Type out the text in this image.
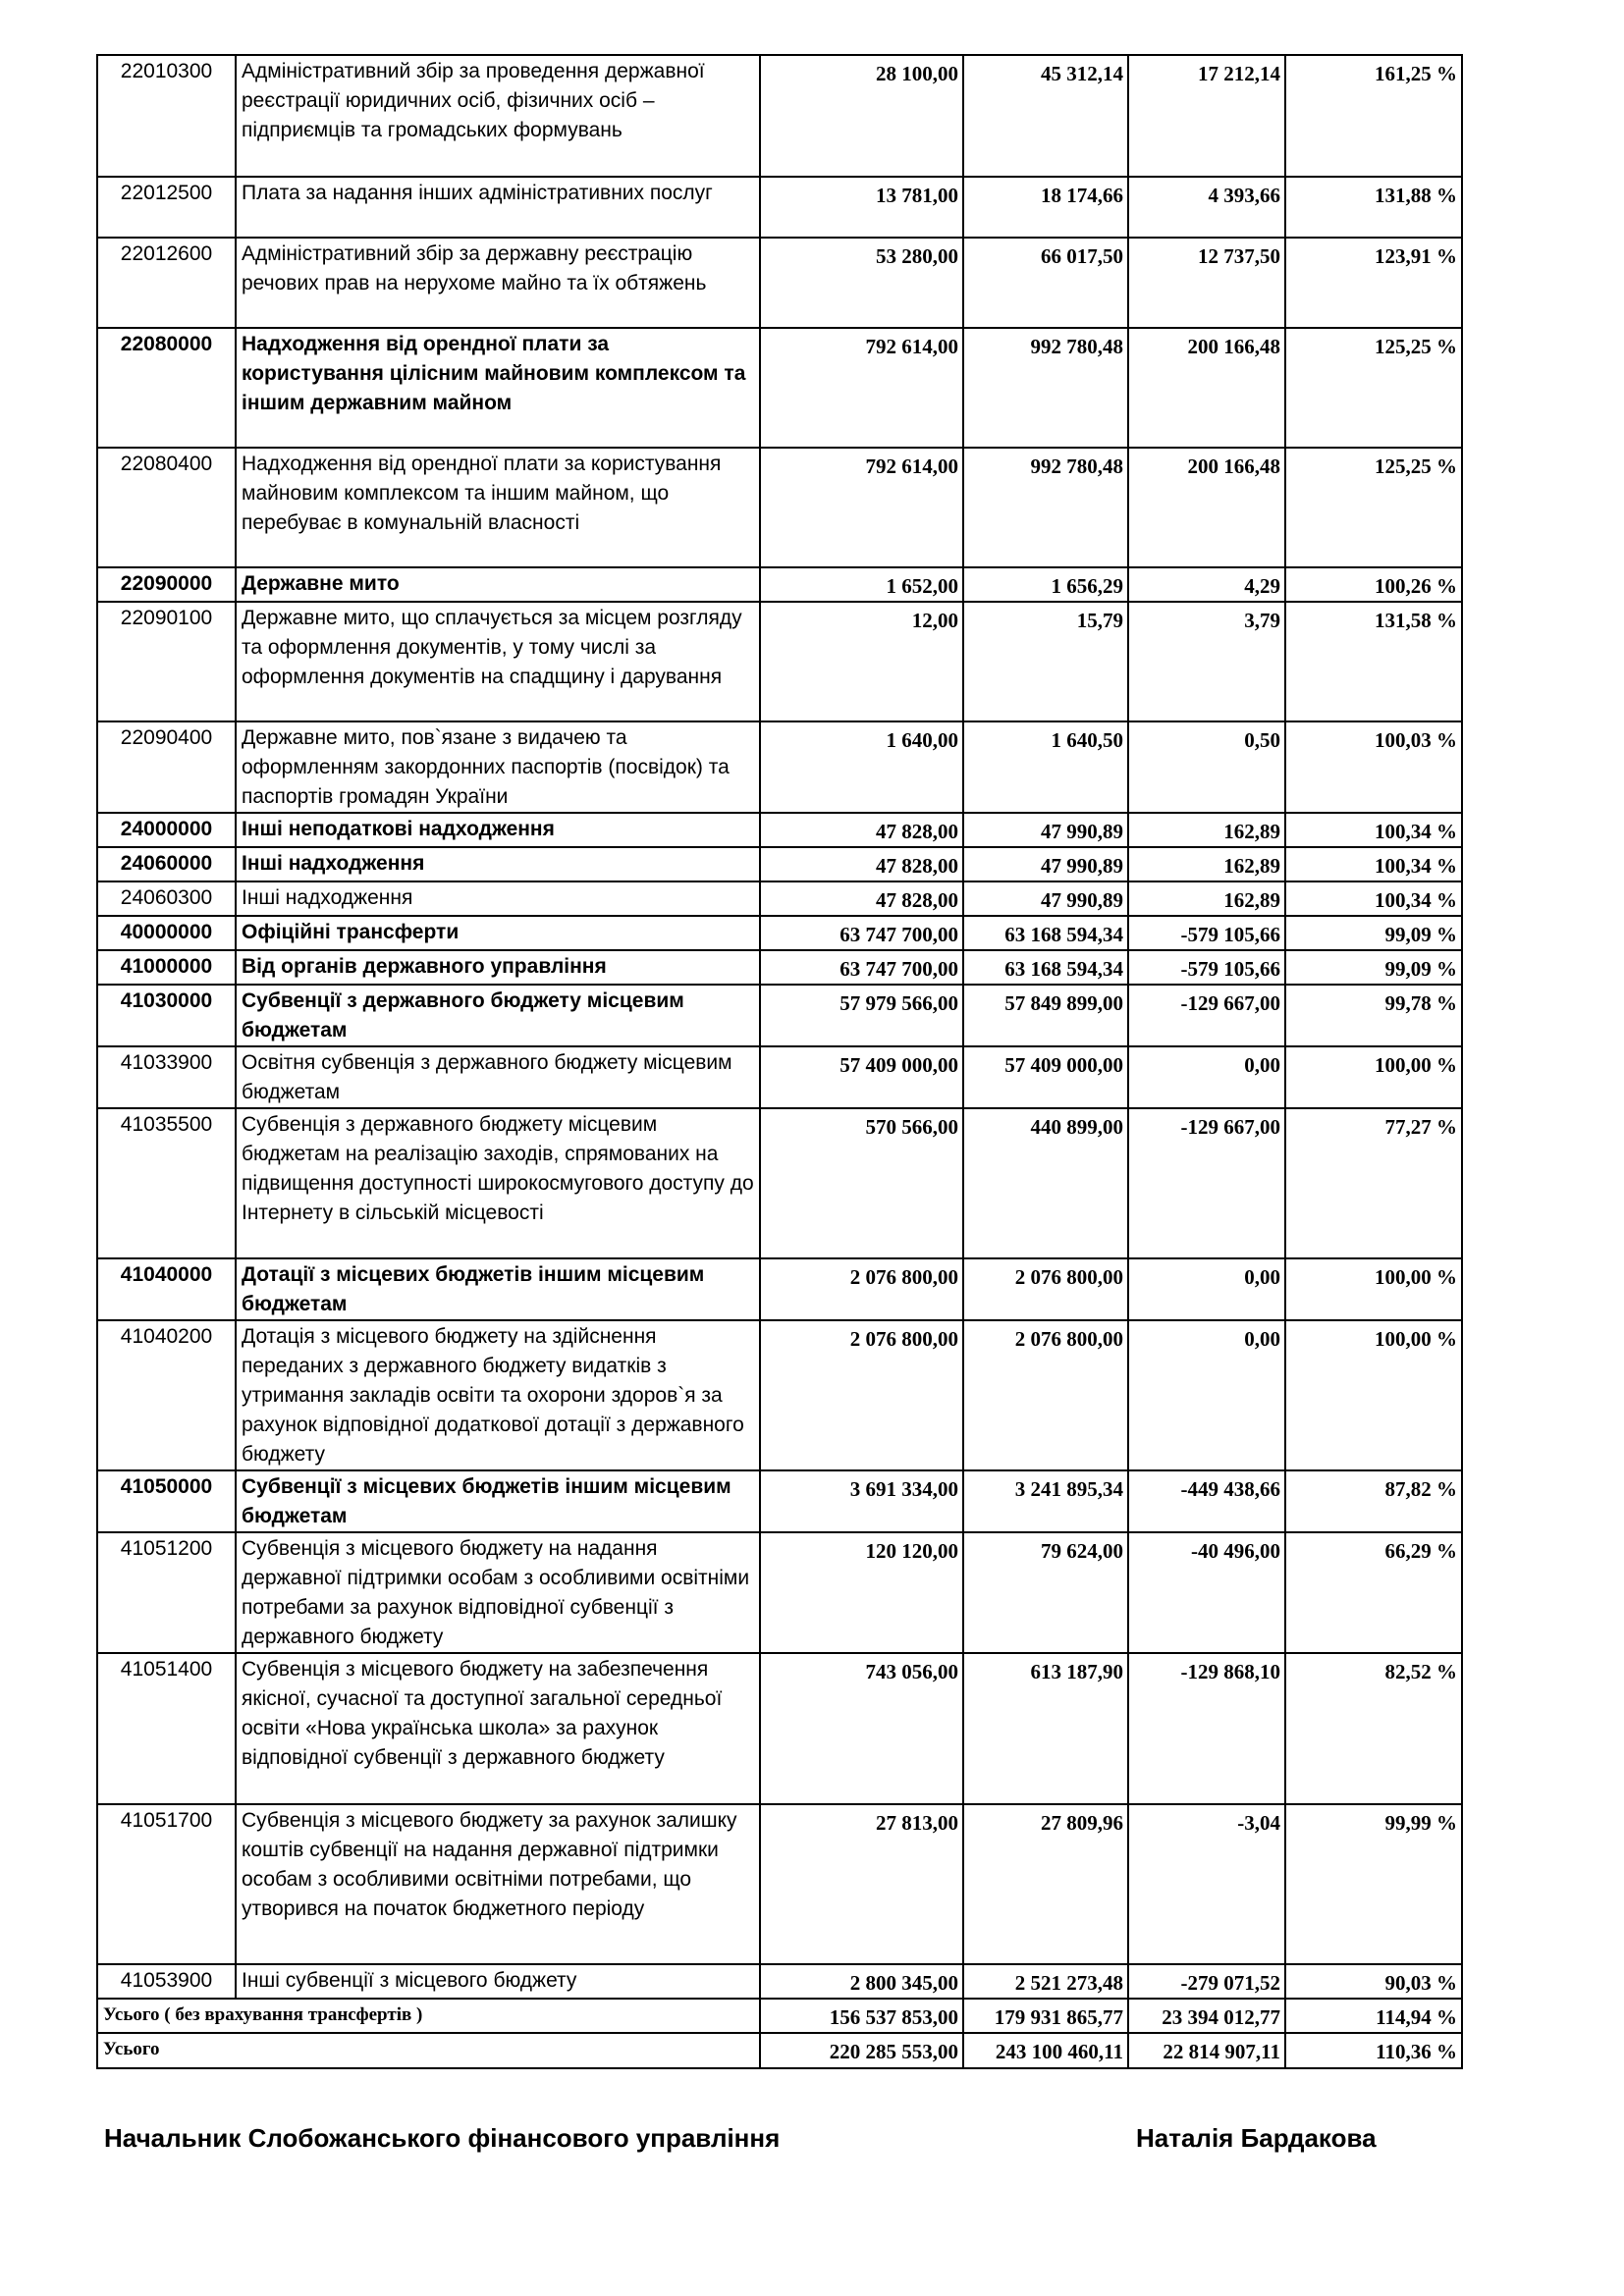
22010300	Адміністративний збір за проведення державної реєстрації юридичних осіб, фізичних осіб – підприємців та громадських формувань	28 100,00	45 312,14	17 212,14	161,25 %
22012500	Плата за надання інших адміністративних послуг	13 781,00	18 174,66	4 393,66	131,88 %
22012600	Адміністративний збір за державну реєстрацію речових прав на нерухоме майно та їх обтяжень	53 280,00	66 017,50	12 737,50	123,91 %
22080000	Надходження від орендної плати за користування цілісним майновим комплексом та іншим державним майном	792 614,00	992 780,48	200 166,48	125,25 %
22080400	Надходження від орендної плати за користування майновим комплексом та іншим майном, що перебуває в комунальній власності	792 614,00	992 780,48	200 166,48	125,25 %
22090000	Державне мито	1 652,00	1 656,29	4,29	100,26 %
22090100	Державне мито, що сплачується за місцем розгляду та оформлення документів, у тому числі за оформлення документів на спадщину і дарування	12,00	15,79	3,79	131,58 %
22090400	Державне мито, пов`язане з видачею та оформленням закордонних паспортів (посвідок) та паспортів громадян України	1 640,00	1 640,50	0,50	100,03 %
24000000	Інші неподаткові надходження	47 828,00	47 990,89	162,89	100,34 %
24060000	Інші надходження	47 828,00	47 990,89	162,89	100,34 %
24060300	Інші надходження	47 828,00	47 990,89	162,89	100,34 %
40000000	Офіційні трансферти	63 747 700,00	63 168 594,34	-579 105,66	99,09 %
41000000	Від органів державного управління	63 747 700,00	63 168 594,34	-579 105,66	99,09 %
41030000	Субвенції з державного бюджету місцевим бюджетам	57 979 566,00	57 849 899,00	-129 667,00	99,78 %
41033900	Освітня субвенція з державного бюджету місцевим бюджетам	57 409 000,00	57 409 000,00	0,00	100,00 %
41035500	Субвенція з державного бюджету місцевим бюджетам на реалізацію заходів, спрямованих на підвищення доступності широкосмугового доступу до Інтернету в сільській місцевості	570 566,00	440 899,00	-129 667,00	77,27 %
41040000	Дотації з місцевих бюджетів іншим місцевим бюджетам	2 076 800,00	2 076 800,00	0,00	100,00 %
41040200	Дотація з місцевого бюджету на здійснення переданих з державного бюджету видатків з утримання закладів освіти та охорони здоров`я за рахунок відповідної додаткової дотації з державного бюджету	2 076 800,00	2 076 800,00	0,00	100,00 %
41050000	Субвенції з місцевих бюджетів іншим місцевим бюджетам	3 691 334,00	3 241 895,34	-449 438,66	87,82 %
41051200	Субвенція з місцевого бюджету на надання державної підтримки особам з особливими освітніми потребами за рахунок відповідної субвенції з державного бюджету	120 120,00	79 624,00	-40 496,00	66,29 %
41051400	Субвенція з місцевого бюджету на забезпечення якісної, сучасної та доступної загальної середньої освіти «Нова українська школа» за рахунок відповідної субвенції з державного бюджету	743 056,00	613 187,90	-129 868,10	82,52 %
41051700	Субвенція з місцевого бюджету за рахунок залишку коштів субвенції на надання державної підтримки особам з особливими освітніми потребами, що утворився на початок бюджетного періоду	27 813,00	27 809,96	-3,04	99,99 %
41053900	Інші субвенції з місцевого бюджету	2 800 345,00	2 521 273,48	-279 071,52	90,03 %
Усього ( без врахування трансфертів )		156 537 853,00	179 931 865,77	23 394 012,77	114,94 %
Усього		220 285 553,00	243 100 460,11	22 814 907,11	110,36 %
Начальник Слобожанського фінансового управління	Наталія Бардакова
